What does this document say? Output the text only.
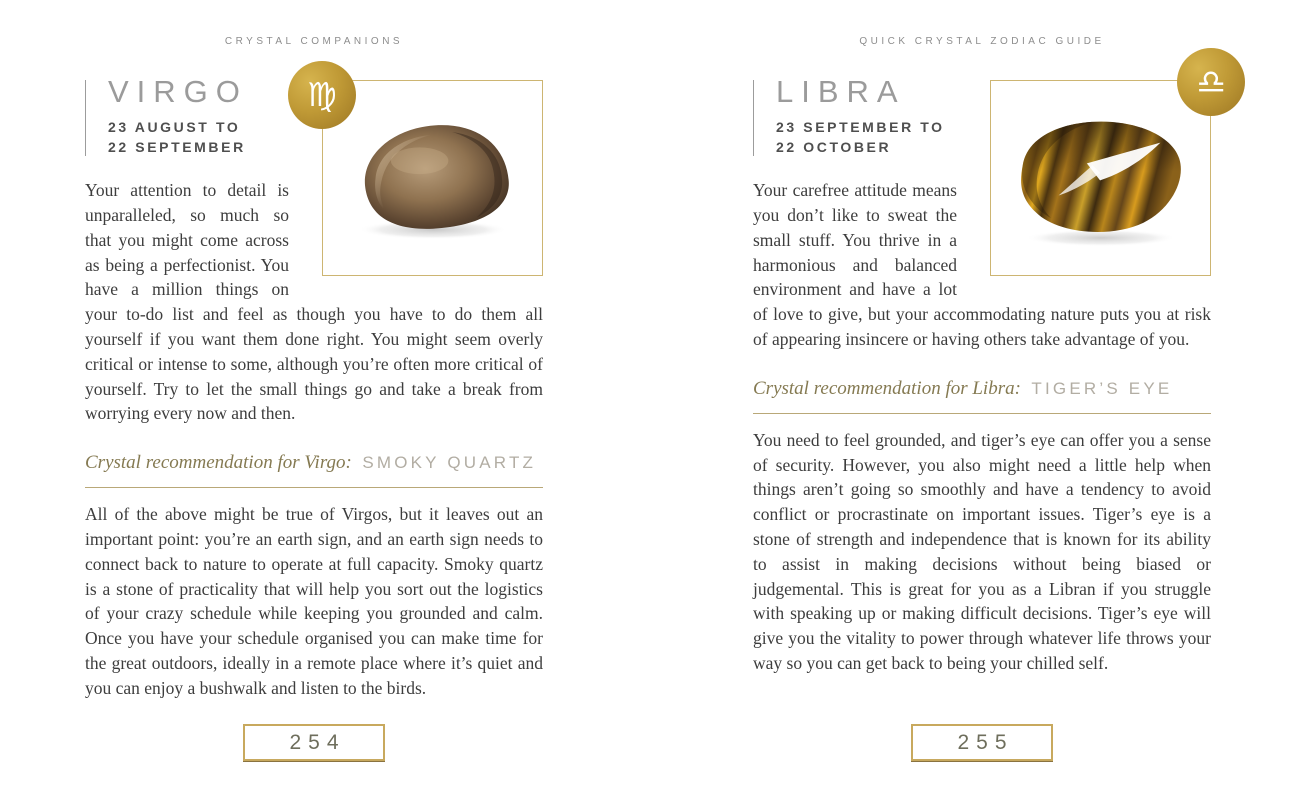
CRYSTAL COMPANIONS
♍
VIRGO
23 AUGUST TO
22 SEPTEMBER

Your attention to detail is unparalleled, so much so that you might come across as being a perfectionist. You have a million things on your to-do list and feel as though you have to do them all yourself if you want them done right. You might seem overly critical or intense to some, although you’re often more critical of yourself. Try to let the small things go and take a break from worrying every now and then.

Crystal recommendation for Virgo: SMOKY QUARTZ

All of the above might be true of Virgos, but it leaves out an important point: you’re an earth sign, and an earth sign needs to connect back to nature to operate at full capacity. Smoky quartz is a stone of practicality that will help you sort out the logistics of your crazy schedule while keeping you grounded and calm. Once you have your schedule organised you can make time for the great outdoors, ideally in a remote place where it’s quiet and you can enjoy a bushwalk and listen to the birds.

254
QUICK CRYSTAL ZODIAC GUIDE
♎
LIBRA
23 SEPTEMBER TO
22 OCTOBER

Your carefree attitude means you don’t like to sweat the small stuff. You thrive in a harmonious and balanced environment and have a lot of love to give, but your accommodating nature puts you at risk of appearing insincere or having others take advantage of you.

Crystal recommendation for Libra: TIGER’S EYE

You need to feel grounded, and tiger’s eye can offer you a sense of security. However, you also might need a little help when things aren’t going so smoothly and have a tendency to avoid conflict or procrastinate on important issues. Tiger’s eye is a stone of strength and independence that is known for its ability to assist in making decisions without being biased or judgemental. This is great for you as a Libran if you struggle with speaking up or making difficult decisions. Tiger’s eye will give you the vitality to power through whatever life throws your way so you can get back to being your chilled self.

255
